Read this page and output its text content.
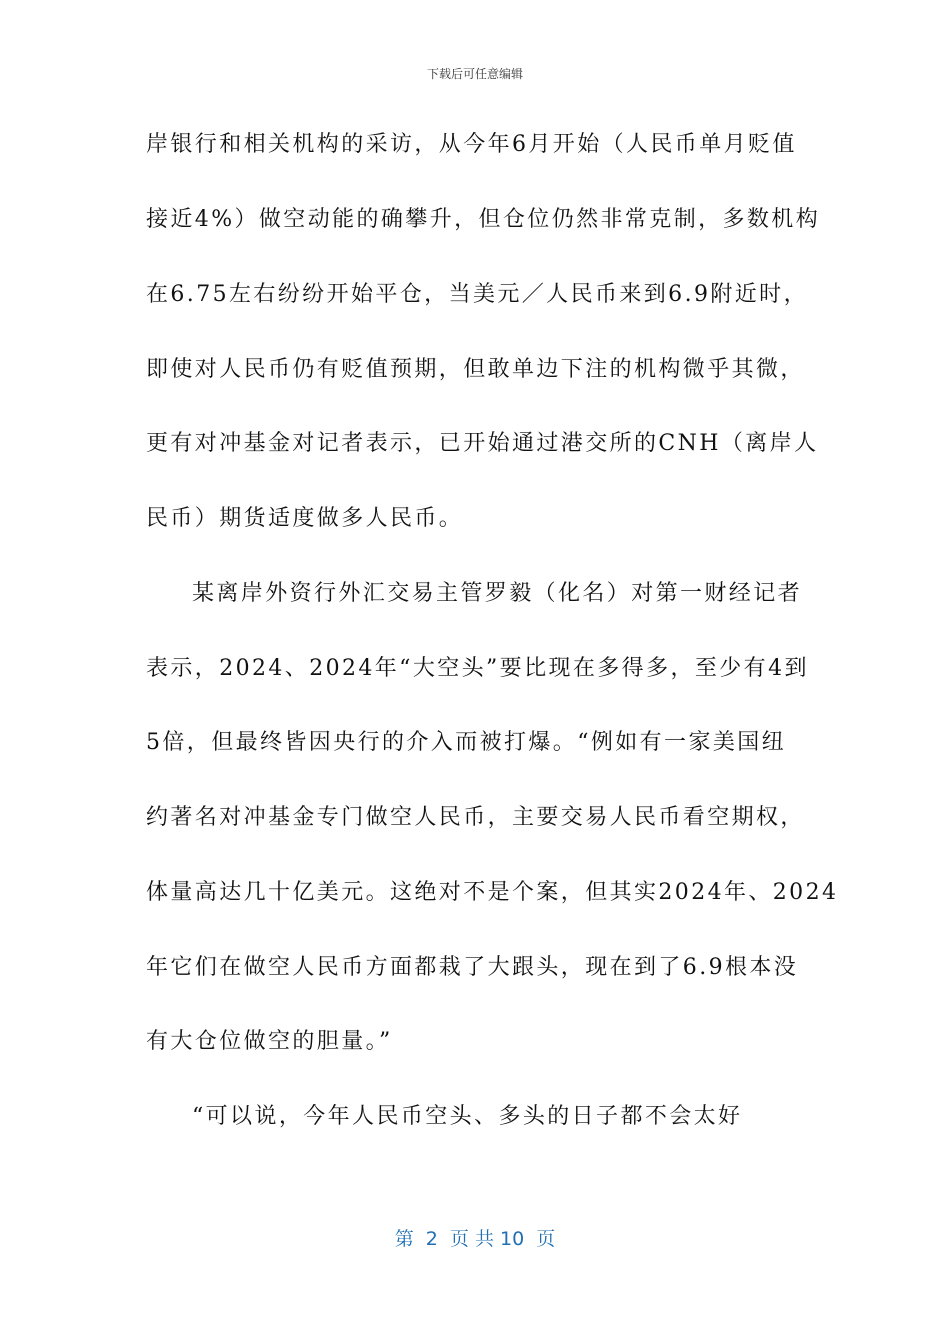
下载后可任意编辑
岸银行和相关机构的采访，从今年6月开始（人民币单月贬值
接近4%）做空动能的确攀升，但仓位仍然非常克制，多数机构
在6.75左右纷纷开始平仓，当美元／人民币来到6.9附近时，
即使对人民币仍有贬值预期，但敢单边下注的机构微乎其微，
更有对冲基金对记者表示，已开始通过港交所的CNH（离岸人
民币）期货适度做多人民币。
某离岸外资行外汇交易主管罗毅（化名）对第一财经记者
表示，2024、2024年“大空头”要比现在多得多，至少有4到
5倍，但最终皆因央行的介入而被打爆。“例如有一家美国纽
约著名对冲基金专门做空人民币，主要交易人民币看空期权，
体量高达几十亿美元。这绝对不是个案，但其实2024年、2024
年它们在做空人民币方面都栽了大跟头，现在到了6.9根本没
有大仓位做空的胆量。”
“可以说，今年人民币空头、多头的日子都不会太好
第  2  页 共 10  页
